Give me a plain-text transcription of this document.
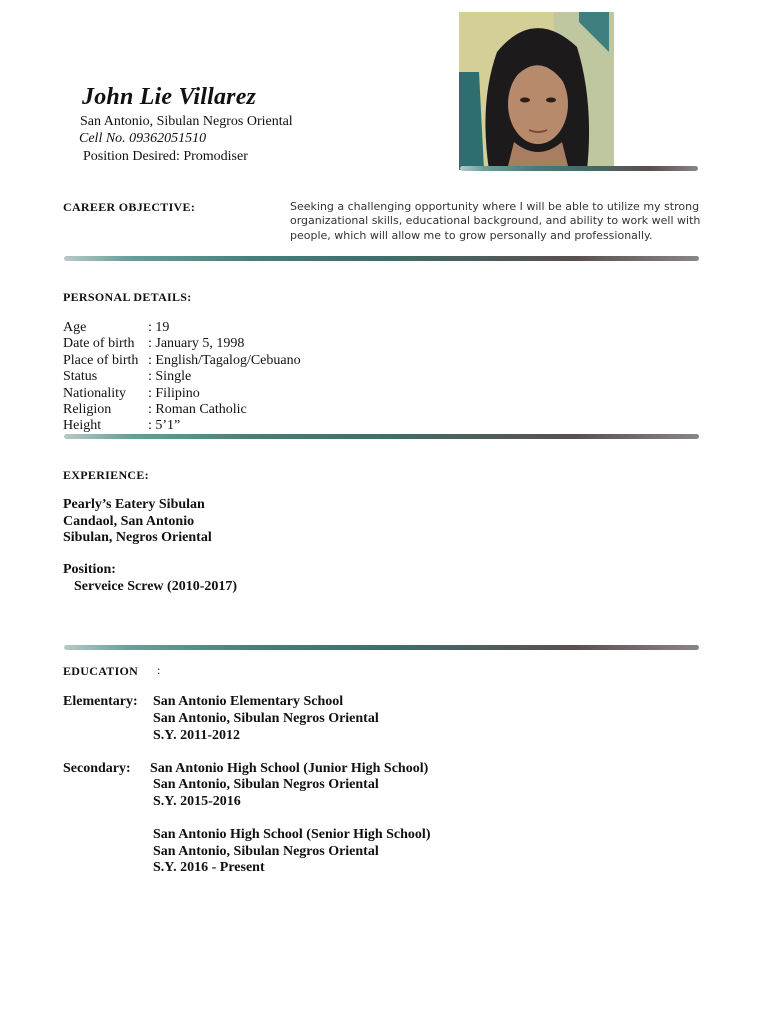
John Lie Villarez
San Antonio, Sibulan Negros Oriental
Cell No. 09362051510
Position Desired: Promodiser
CAREER OBJECTIVE:	Seeking a challenging opportunity where I will be able to utilize my strong organizational skills, educational background, and ability to work well with people, which will allow me to grow personally and professionally.
PERSONAL DETAILS:
Age	: 19
Date of birth : January 5, 1998
Place of birth : English/Tagalog/Cebuano
Status	: Single
Nationality : Filipino
Religion	: Roman Catholic
Height	: 5’1”
EXPERIENCE:
Pearly’s Eatery Sibulan
Candaol, San Antonio
Sibulan, Negros Oriental
Position:
Serveice Screw (2010-2017)
EDUCATION :
Elementary: San Antonio Elementary School
San Antonio, Sibulan Negros Oriental
S.Y. 2011-2012
Secondary: San Antonio High School (Junior High School)
San Antonio, Sibulan Negros Oriental
S.Y. 2015-2016
San Antonio High School (Senior High School)
San Antonio, Sibulan Negros Oriental
S.Y. 2016 - Present
